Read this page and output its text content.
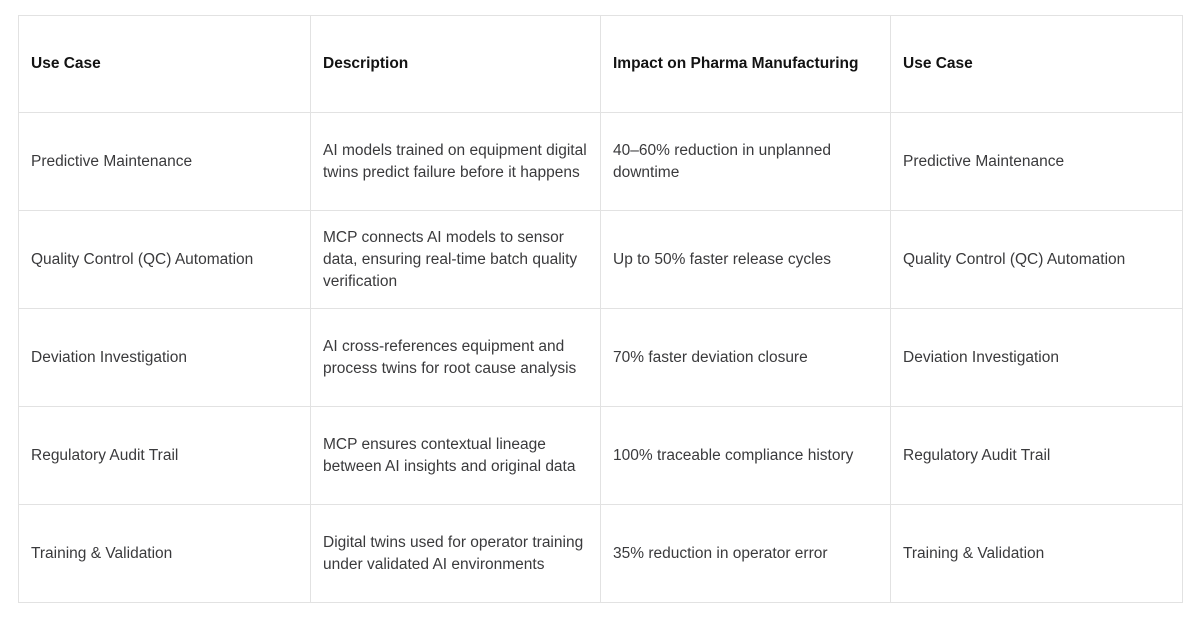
Use Case	Description	Impact on Pharma Manufacturing	Use Case
Predictive Maintenance	AI models trained on equipment digital twins predict failure before it happens	40–60% reduction in unplanned downtime	Predictive Maintenance
Quality Control (QC) Automation	MCP connects AI models to sensor data, ensuring real-time batch quality verification	Up to 50% faster release cycles	Quality Control (QC) Automation
Deviation Investigation	AI cross-references equipment and process twins for root cause analysis	70% faster deviation closure	Deviation Investigation
Regulatory Audit Trail	MCP ensures contextual lineage between AI insights and original data	100% traceable compliance history	Regulatory Audit Trail
Training & Validation	Digital twins used for operator training under validated AI environments	35% reduction in operator error	Training & Validation
